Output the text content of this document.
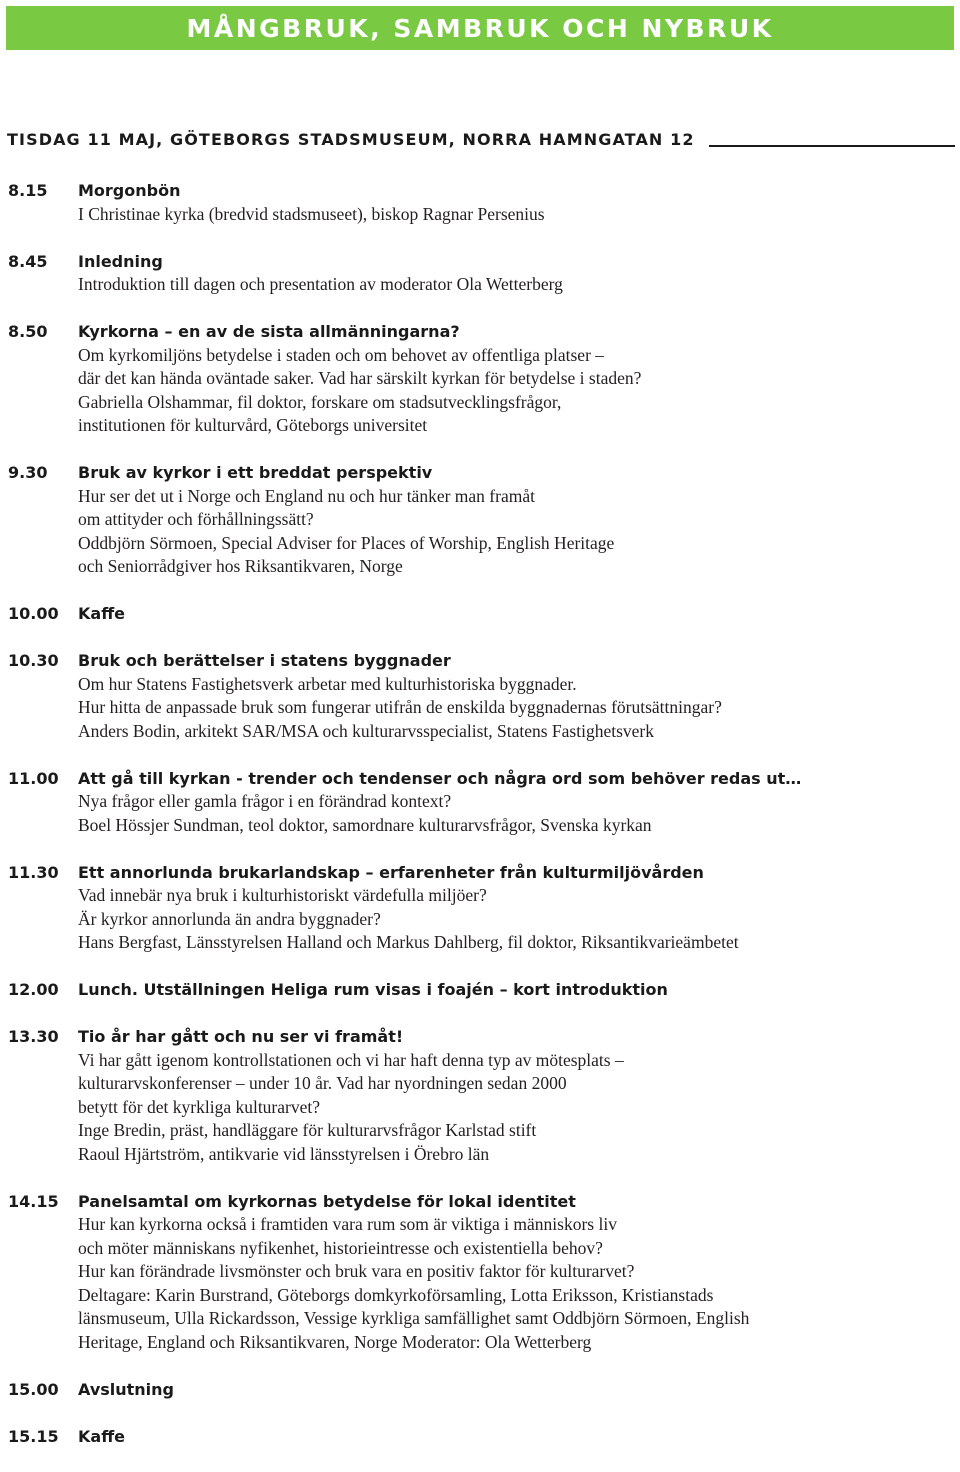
MÅNGBRUK, SAMBRUK OCH NYBRUK
TISDAG 11 MAJ, GÖTEBORGS STADSMUSEUM, NORRA HAMNGATAN 12
8.15	Morgonbön
I Christinae kyrka (bredvid stadsmuseet), biskop Ragnar Persenius
8.45	Inledning
Introduktion till dagen och presentation av moderator Ola Wetterberg
8.50	Kyrkorna – en av de sista allmänningarna?
Om kyrkomiljöns betydelse i staden och om behovet av offentliga platser –
där det kan hända oväntade saker. Vad har särskilt kyrkan för betydelse i staden?
Gabriella Olshammar, fil doktor, forskare om stadsutvecklingsfrågor,
institutionen för kulturvård, Göteborgs universitet
9.30	Bruk av kyrkor i ett breddat perspektiv
Hur ser det ut i Norge och England nu och hur tänker man framåt
om attityder och förhållningssätt?
Oddbjörn Sörmoen, Special Adviser for Places of Worship, English Heritage
och Seniorrådgiver hos Riksantikvaren, Norge
10.00	Kaffe
10.30	Bruk och berättelser i statens byggnader
Om hur Statens Fastighetsverk arbetar med kulturhistoriska byggnader.
Hur hitta de anpassade bruk som fungerar utifrån de enskilda byggnadernas förutsättningar?
Anders Bodin, arkitekt SAR/MSA och kulturarvsspecialist, Statens Fastighetsverk
11.00	Att gå till kyrkan - trender och tendenser och några ord som behöver redas ut…
Nya frågor eller gamla frågor i en förändrad kontext?
Boel Hössjer Sundman, teol doktor, samordnare kulturarvsfrågor, Svenska kyrkan
11.30	Ett annorlunda brukarlandskap – erfarenheter från kulturmiljövården
Vad innebär nya bruk i kulturhistoriskt värdefulla miljöer?
Är kyrkor annorlunda än andra byggnader?
Hans Bergfast, Länsstyrelsen Halland och Markus Dahlberg, fil doktor, Riksantikvarieämbetet
12.00	Lunch. Utställningen Heliga rum visas i foajén – kort introduktion
13.30	Tio år har gått och nu ser vi framåt!
Vi har gått igenom kontrollstationen och vi har haft denna typ av mötesplats –
kulturarvskonferenser – under 10 år. Vad har nyordningen sedan 2000
betytt för det kyrkliga kulturarvet?
Inge Bredin, präst, handläggare för kulturarvsfrågor Karlstad stift
Raoul Hjärtström, antikvarie vid länsstyrelsen i Örebro län
14.15	Panelsamtal om kyrkornas betydelse för lokal identitet
Hur kan kyrkorna också i framtiden vara rum som är viktiga i människors liv
och möter människans nyfikenhet, historieintresse och existentiella behov?
Hur kan förändrade livsmönster och bruk vara en positiv faktor för kulturarvet?
Deltagare: Karin Burstrand, Göteborgs domkyrkoförsamling, Lotta Eriksson, Kristianstads
länsmuseum, Ulla Rickardsson, Vessige kyrkliga samfällighet samt Oddbjörn Sörmoen, English
Heritage, England och Riksantikvaren, Norge Moderator: Ola Wetterberg
15.00	Avslutning
15.15	Kaffe
